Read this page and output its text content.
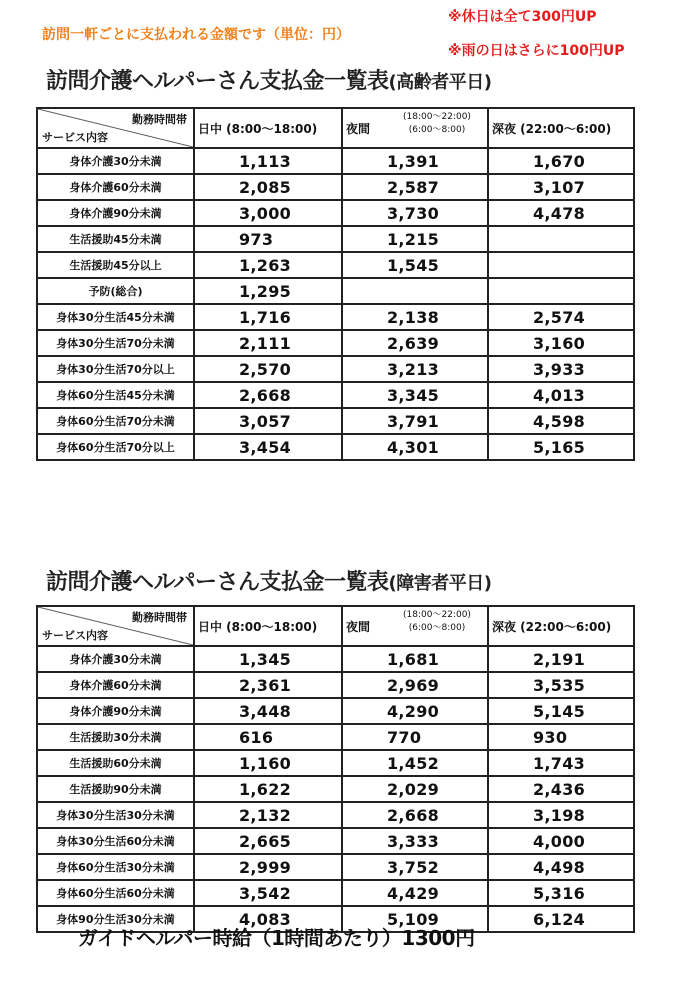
訪問一軒ごとに支払われる金額です（単位：円）
※休日は全て300円UP
※雨の日はさらに100円UP
訪問介護ヘルパーさん支払金一覧表(高齢者平日)
勤務時間帯
サービス内容	日中 (8:00〜18:00)	夜間
(18:00〜22:00)
(6:00〜8:00)	深夜 (22:00〜6:00)
身体介護30分未満	1,113	1,391	1,670
身体介護60分未満	2,085	2,587	3,107
身体介護90分未満	3,000	3,730	4,478
生活援助45分未満	973	1,215	
生活援助45分以上	1,263	1,545	
予防(総合)	1,295		
身体30分生活45分未満	1,716	2,138	2,574
身体30分生活70分未満	2,111	2,639	3,160
身体30分生活70分以上	2,570	3,213	3,933
身体60分生活45分未満	2,668	3,345	4,013
身体60分生活70分未満	3,057	3,791	4,598
身体60分生活70分以上	3,454	4,301	5,165
訪問介護ヘルパーさん支払金一覧表(障害者平日)
勤務時間帯
サービス内容	日中 (8:00〜18:00)	夜間
(18:00〜22:00)
(6:00〜8:00)	深夜 (22:00〜6:00)
身体介護30分未満	1,345	1,681	2,191
身体介護60分未満	2,361	2,969	3,535
身体介護90分未満	3,448	4,290	5,145
生活援助30分未満	616	770	930
生活援助60分未満	1,160	1,452	1,743
生活援助90分未満	1,622	2,029	2,436
身体30分生活30分未満	2,132	2,668	3,198
身体30分生活60分未満	2,665	3,333	4,000
身体60分生活30分未満	2,999	3,752	4,498
身体60分生活60分未満	3,542	4,429	5,316
身体90分生活30分未満	4,083	5,109	6,124
ガイドヘルパー時給（1時間あたり）1300円
